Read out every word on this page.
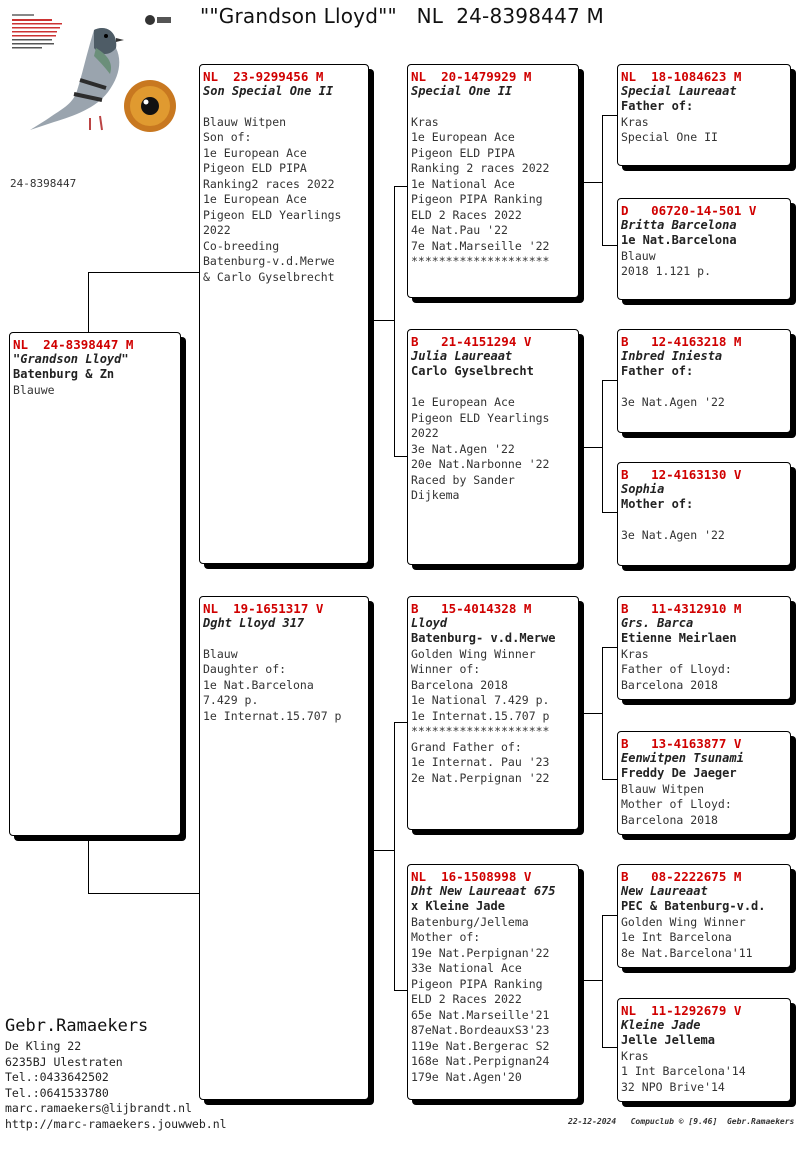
""Grandson Lloyd""   NL  24-8398447 M
24-8398447
NL  24-8398447 M
"Grandson Lloyd"
Batenburg & Zn
Blauwe
NL  23-9299456 M
Son Special One II

Blauw Witpen
Son of:
1e European Ace
Pigeon ELD PIPA
Ranking2 races 2022
1e European Ace
Pigeon ELD Yearlings
2022
Co-breeding
Batenburg-v.d.Merwe
& Carlo Gyselbrecht
NL  19-1651317 V
Dght Lloyd 317

Blauw
Daughter of:
1e Nat.Barcelona
7.429 p.
1e Internat.15.707 p
NL  20-1479929 M
Special One II

Kras
1e European Ace
Pigeon ELD PIPA
Ranking 2 races 2022
1e National Ace
Pigeon PIPA Ranking
ELD 2 Races 2022
4e Nat.Pau '22
7e Nat.Marseille '22
********************
B   21-4151294 V
Julia Laureaat
Carlo Gyselbrecht

1e European Ace
Pigeon ELD Yearlings
2022
3e Nat.Agen '22
20e Nat.Narbonne '22
Raced by Sander
Dijkema
B   15-4014328 M
Lloyd
Batenburg- v.d.Merwe
Golden Wing Winner
Winner of:
Barcelona 2018
1e National 7.429 p.
1e Internat.15.707 p
********************
Grand Father of:
1e Internat. Pau '23
2e Nat.Perpignan '22
NL  16-1508998 V
Dht New Laureaat 675
x Kleine Jade
Batenburg/Jellema
Mother of:
19e Nat.Perpignan'22
33e National Ace
Pigeon PIPA Ranking
ELD 2 Races 2022
65e Nat.Marseille'21
87eNat.BordeauxS3'23
119e Nat.Bergerac S2
168e Nat.Perpignan24
179e Nat.Agen'20
NL  18-1084623 M
Special Laureaat
Father of:
Kras
Special One II
D   06720-14-501 V
Britta Barcelona
1e Nat.Barcelona
Blauw
2018 1.121 p.
B   12-4163218 M
Inbred Iniesta
Father of:

3e Nat.Agen '22
B   12-4163130 V
Sophia
Mother of:

3e Nat.Agen '22
B   11-4312910 M
Grs. Barca
Etienne Meirlaen
Kras
Father of Lloyd:
Barcelona 2018
B   13-4163877 V
Eenwitpen Tsunami
Freddy De Jaeger
Blauw Witpen
Mother of Lloyd:
Barcelona 2018
B   08-2222675 M
New Laureaat
PEC & Batenburg-v.d.
Golden Wing Winner
1e Int Barcelona
8e Nat.Barcelona'11
NL  11-1292679 V
Kleine Jade
Jelle Jellema
Kras
1 Int Barcelona'14
32 NPO Brive'14
Gebr.Ramaekers
De Kling 22
6235BJ Ulestraten
Tel.:0433642502
Tel.:0641533780
marc.ramaekers@lijbrandt.nl
http://marc-ramaekers.jouwweb.nl	22-12-2024   Compuclub © [9.46]  Gebr.Ramaekers
